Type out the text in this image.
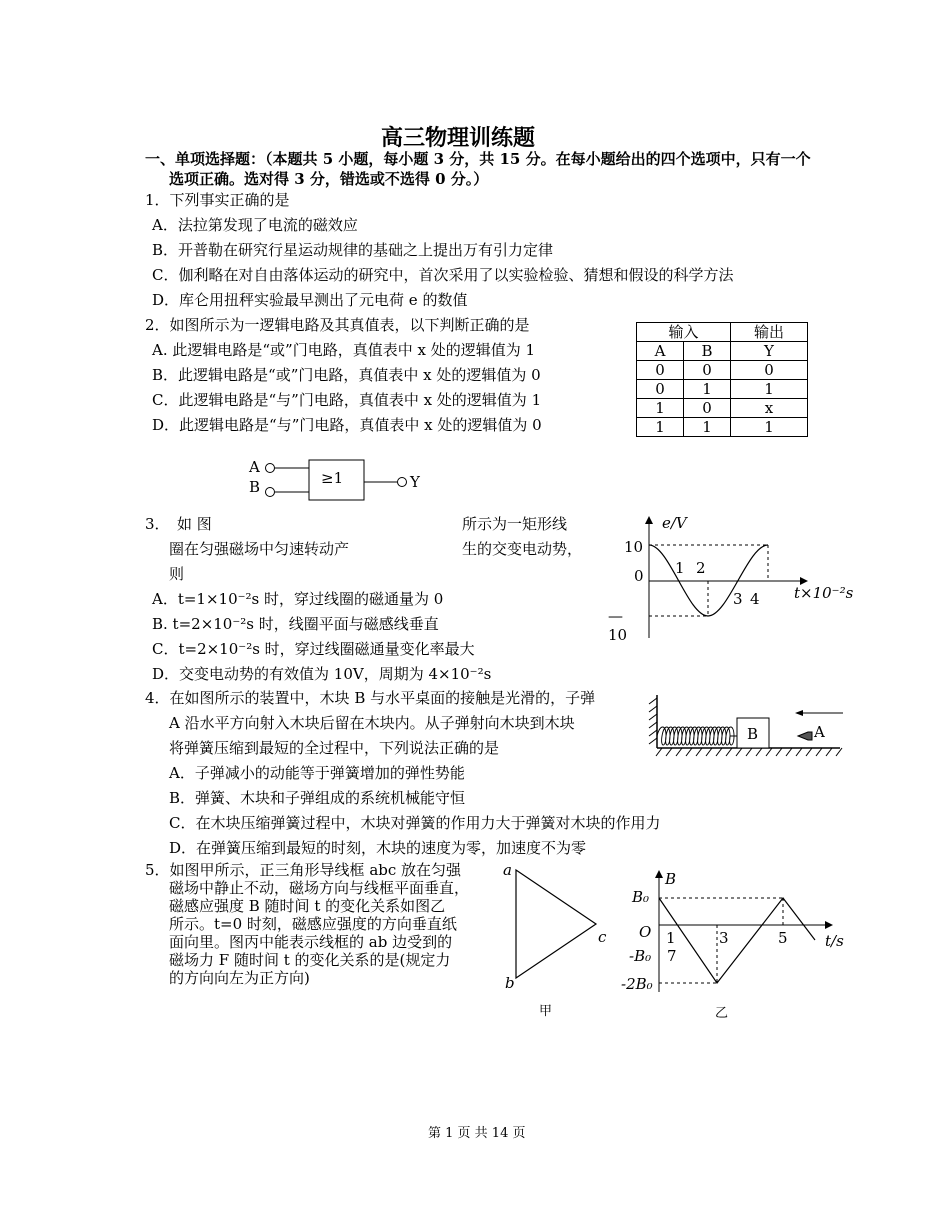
高三物理训练题
一、单项选择题：（本题共 5 小题，每小题 3 分，共 15 分。在每小题给出的四个选项中，只有一个
选项正确。选对得 3 分，错选或不选得 0 分。）
1．下列事实正确的是
A．法拉第发现了电流的磁效应
B．开普勒在研究行星运动规律的基础之上提出万有引力定律
C．伽利略在对自由落体运动的研究中，首次采用了以实验检验、猜想和假设的科学方法
D．库仑用扭秤实验最早测出了元电荷 e 的数值
2．如图所示为一逻辑电路及其真值表，以下判断正确的是
A. 此逻辑电路是“或”门电路，真值表中 x 处的逻辑值为 1
B．此逻辑电路是“或”门电路，真值表中 x 处的逻辑值为 0
C．此逻辑电路是“与”门电路，真值表中 x 处的逻辑值为 1
D．此逻辑电路是“与”门电路，真值表中 x 处的逻辑值为 0
输入		输出
A	B	Y
0	0	0
0	1	1
1	0	x
1	1	1
A
B	≥1	Y
3．　如 图	所示为一矩形线
圈在匀强磁场中匀速转动产	生的交变电动势，
则
A．t=1×10⁻²s 时，穿过线圈的磁通量为 0
B. t=2×10⁻²s 时，线圈平面与磁感线垂直
C．t=2×10⁻²s 时，穿过线圈磁通量变化率最大
D．交变电动势的有效值为 10V，周期为 4×10⁻²s
e/V
10
0
—
10
t×10⁻²s
1 2
3 4
4．在如图所示的装置中，木块 B 与水平桌面的接触是光滑的，子弹
A 沿水平方向射入木块后留在木块内。从子弹射向木块到木块
将弹簧压缩到最短的全过程中，下列说法正确的是
A．子弹减小的动能等于弹簧增加的弹性势能
B．弹簧、木块和子弹组成的系统机械能守恒
C．在木块压缩弹簧过程中，木块对弹簧的作用力大于弹簧对木块的作用力
D．在弹簧压缩到最短的时刻，木块的速度为零，加速度不为零
B	A
5．如图甲所示，正三角形导线框 abc 放在匀强
磁场中静止不动，磁场方向与线框平面垂直，
磁感应强度 B 随时间 t 的变化关系如图乙
所示。t=0 时刻，磁感应强度的方向垂直纸
面向里。图丙中能表示线框的 ab 边受到的
磁场力 F 随时间 t 的变化关系的是(规定力
的方向向左为正方向)
a
b
c
甲
B
B₀
O
-B₀
-2B₀
t/s
1	3	5
7
乙
第 1 页 共 14 页
